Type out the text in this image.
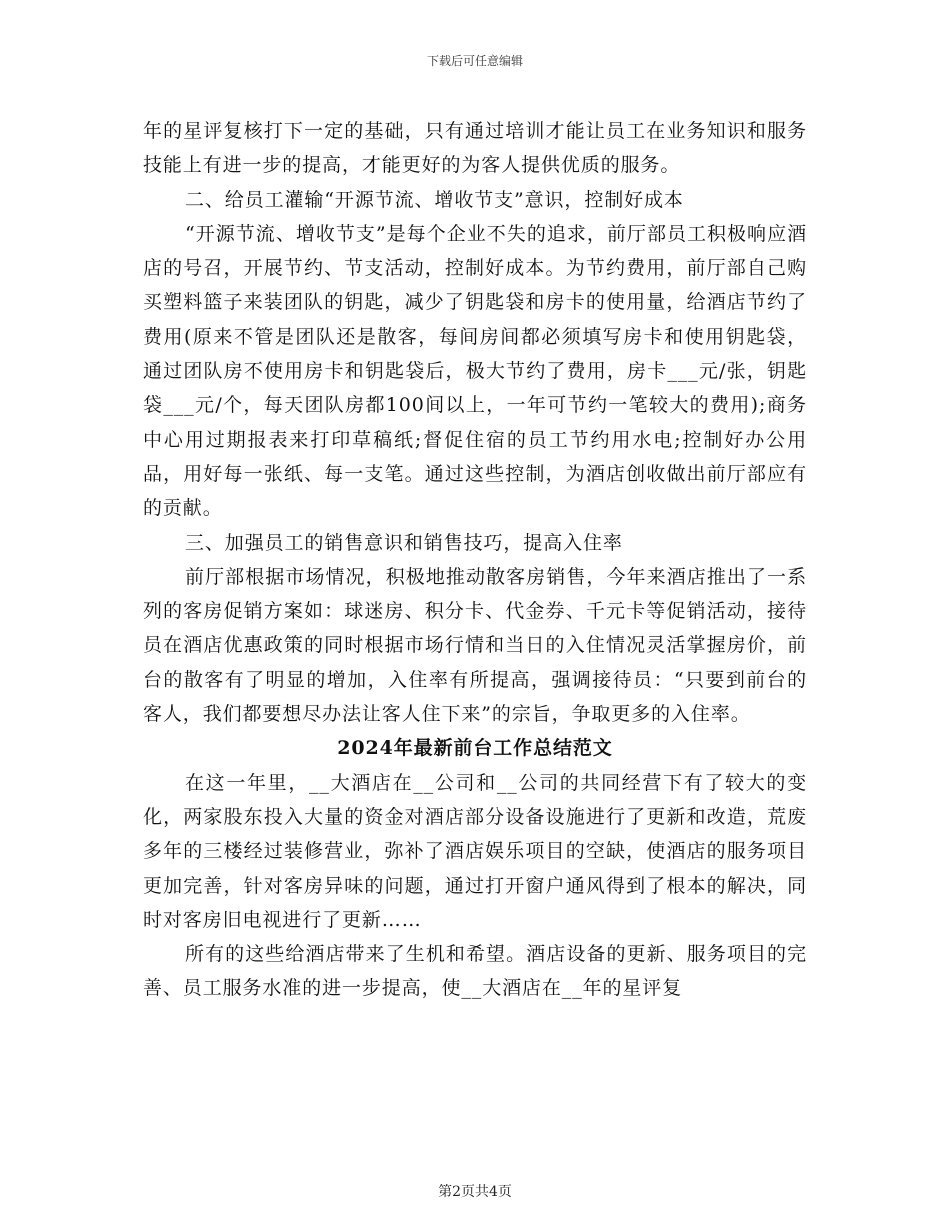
下载后可任意编辑

年的星评复核打下一定的基础，只有通过培训才能让员工在业务知识和服务技能上有进一步的提高，才能更好的为客人提供优质的服务。

二、给员工灌输“开源节流、增收节支”意识，控制好成本

“开源节流、增收节支”是每个企业不失的追求，前厅部员工积极响应酒店的号召，开展节约、节支活动，控制好成本。为节约费用，前厅部自己购买塑料篮子来装团队的钥匙，减少了钥匙袋和房卡的使用量，给酒店节约了费用(原来不管是团队还是散客，每间房间都必须填写房卡和使用钥匙袋，通过团队房不使用房卡和钥匙袋后，极大节约了费用，房卡___元/张，钥匙袋___元/个，每天团队房都100间以上，一年可节约一笔较大的费用);商务中心用过期报表来打印草稿纸;督促住宿的员工节约用水电;控制好办公用品，用好每一张纸、每一支笔。通过这些控制，为酒店创收做出前厅部应有的贡献。

三、加强员工的销售意识和销售技巧，提高入住率

前厅部根据市场情况，积极地推动散客房销售，今年来酒店推出了一系列的客房促销方案如：球迷房、积分卡、代金券、千元卡等促销活动，接待员在酒店优惠政策的同时根据市场行情和当日的入住情况灵活掌握房价，前台的散客有了明显的增加，入住率有所提高，强调接待员：“只要到前台的客人，我们都要想尽办法让客人住下来”的宗旨，争取更多的入住率。

2024年最新前台工作总结范文

在这一年里，__大酒店在__公司和__公司的共同经营下有了较大的变化，两家股东投入大量的资金对酒店部分设备设施进行了更新和改造，荒废多年的三楼经过装修营业，弥补了酒店娱乐项目的空缺，使酒店的服务项目更加完善，针对客房异味的问题，通过打开窗户通风得到了根本的解决，同时对客房旧电视进行了更新……

所有的这些给酒店带来了生机和希望。酒店设备的更新、服务项目的完善、员工服务水准的进一步提高，使__大酒店在__年的星评复

第2页共4页
